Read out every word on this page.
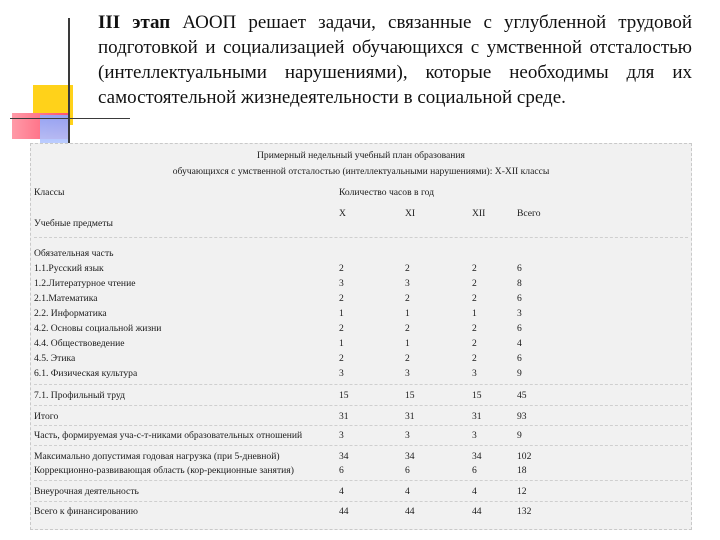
III этап АООП решает задачи, связанные с углубленной трудовой подготовкой и социализацией обучающихся с умственной отсталостью (интеллектуальными нарушениями), которые необходимы для их самостоятельной жизнедеятельности в социальной среде.

Примерный недельный учебный план образования
обучающихся с умственной отсталостью (интеллектуальными нарушениями): X-XII классы
Классы	Количество часов в год
X	XI	XII	Всего
Учебные предметы
Обязательная часть
1.1.Русский язык	2	2	2	6
1.2.Литературное чтение	3	3	2	8
2.1.Математика	2	2	2	6
2.2. Информатика	1	1	1	3
4.2. Основы социальной жизни	2	2	2	6
4.4. Обществоведение	1	1	2	4
4.5. Этика	2	2	2	6
6.1. Физическая культура	3	3	3	9
7.1. Профильный труд	15	15	15	45
Итого	31	31	31	93
Часть, формируемая уча-с-т-никами образовательных отношений	3	3	3	9
Максимально допустимая годовая нагрузка (при 5-дневной)	34	34	34	102
Коррекционно-развивающая область (кор-рекционные занятия)	6	6	6	18
Внеурочная деятельность	4	4	4	12
Всего к финансированию	44	44	44	132
